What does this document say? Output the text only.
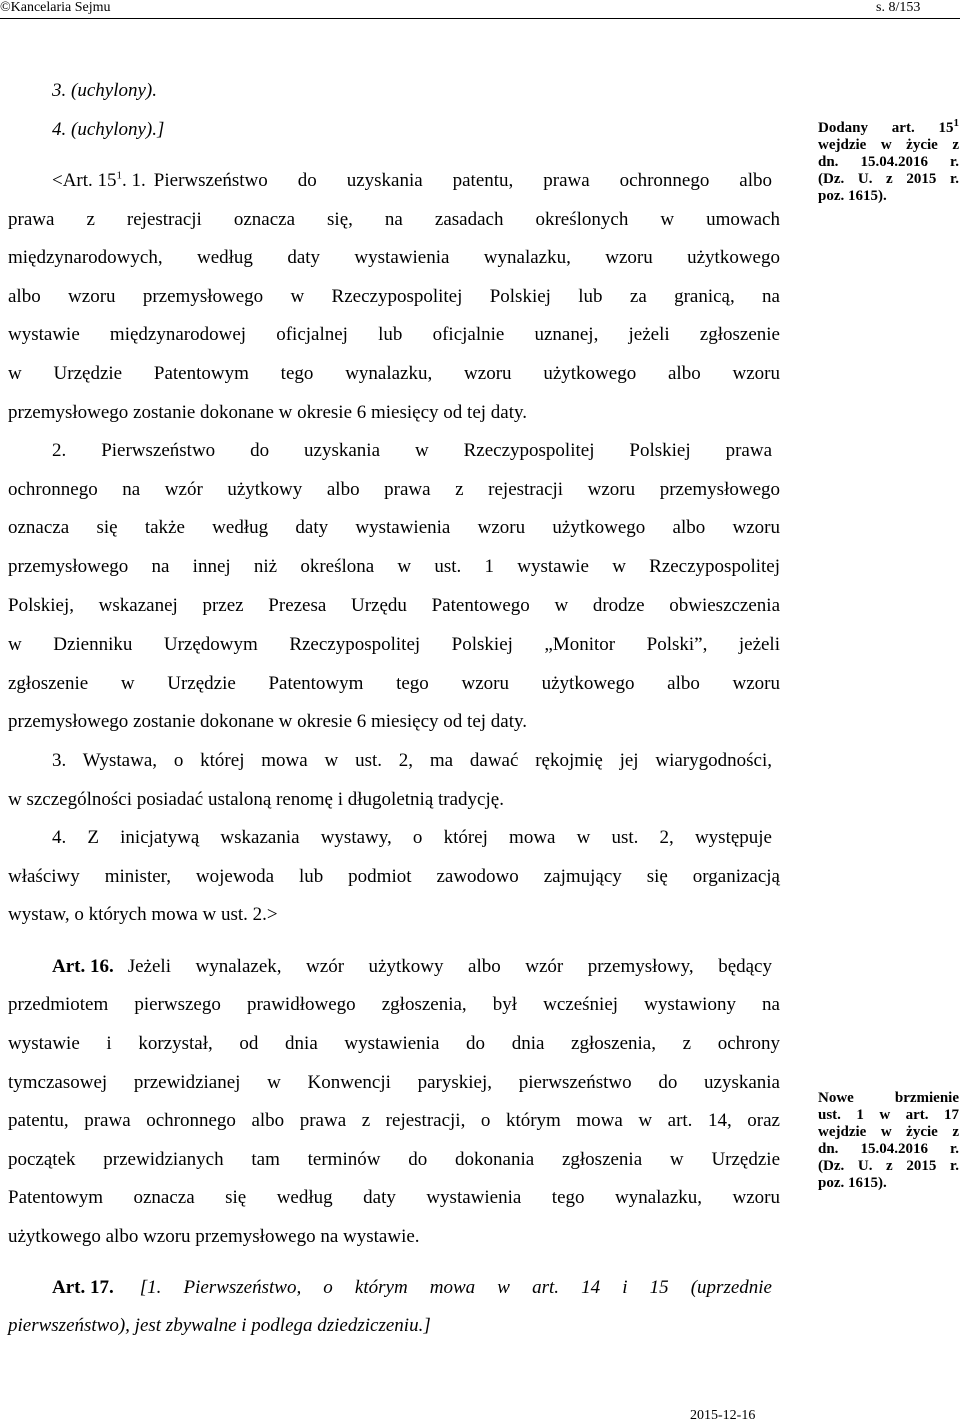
©Kancelaria Sejmu	s. 8/153
3. (uchylony).
4. (uchylony).]
<Art. $15^1$. 1. Pierwszeństwo do uzyskania patentu, prawa ochronnego albo
prawa z rejestracji oznacza się, na zasadach określonych w umowach
międzynarodowych, według daty wystawienia wynalazku, wzoru użytkowego
albo wzoru przemysłowego w Rzeczypospolitej Polskiej lub za granicą, na
wystawie międzynarodowej oficjalnej lub oficjalnie uznanej, jeżeli zgłoszenie
w Urzędzie Patentowym tego wynalazku, wzoru użytkowego albo wzoru
przemysłowego zostanie dokonane w okresie 6 miesięcy od tej daty.
2. Pierwszeństwo do uzyskania w Rzeczypospolitej Polskiej prawa
ochronnego na wzór użytkowy albo prawa z rejestracji wzoru przemysłowego
oznacza się także według daty wystawienia wzoru użytkowego albo wzoru
przemysłowego na innej niż określona w ust. 1 wystawie w Rzeczypospolitej
Polskiej, wskazanej przez Prezesa Urzędu Patentowego w drodze obwieszczenia
w Dzienniku Urzędowym Rzeczypospolitej Polskiej „Monitor Polski”, jeżeli
zgłoszenie w Urzędzie Patentowym tego wzoru użytkowego albo wzoru
przemysłowego zostanie dokonane w okresie 6 miesięcy od tej daty.
3. Wystawa, o której mowa w ust. 2, ma dawać rękojmię jej wiarygodności,
w szczególności posiadać ustaloną renomę i długoletnią tradycję.
4. Z inicjatywą wskazania wystawy, o której mowa w ust. 2, występuje
właściwy minister, wojewoda lub podmiot zawodowo zajmujący się organizacją
wystaw, o których mowa w ust. 2.>
Art. 16. Jeżeli wynalazek, wzór użytkowy albo wzór przemysłowy, będący
przedmiotem pierwszego prawidłowego zgłoszenia, był wcześniej wystawiony na
wystawie i korzystał, od dnia wystawienia do dnia zgłoszenia, z ochrony
tymczasowej przewidzianej w Konwencji paryskiej, pierwszeństwo do uzyskania
patentu, prawa ochronnego albo prawa z rejestracji, o którym mowa w art. 14, oraz
początek przewidzianych tam terminów do dokonania zgłoszenia w Urzędzie
Patentowym oznacza się według daty wystawienia tego wynalazku, wzoru
użytkowego albo wzoru przemysłowego na wystawie.
Art. 17. [1. Pierwszeństwo, o którym mowa w art. 14 i 15 (uprzednie
pierwszeństwo), jest zbywalne i podlega dziedziczeniu.]
Dodany art. $15^1$
wejdzie w życie z
dn. 15.04.2016 r.
(Dz. U. z 2015 r.
poz. 1615).
Nowe brzmienie
ust. 1 w art. 17
wejdzie w życie z
dn. 15.04.2016 r.
(Dz. U. z 2015 r.
poz. 1615).
2015-12-16
